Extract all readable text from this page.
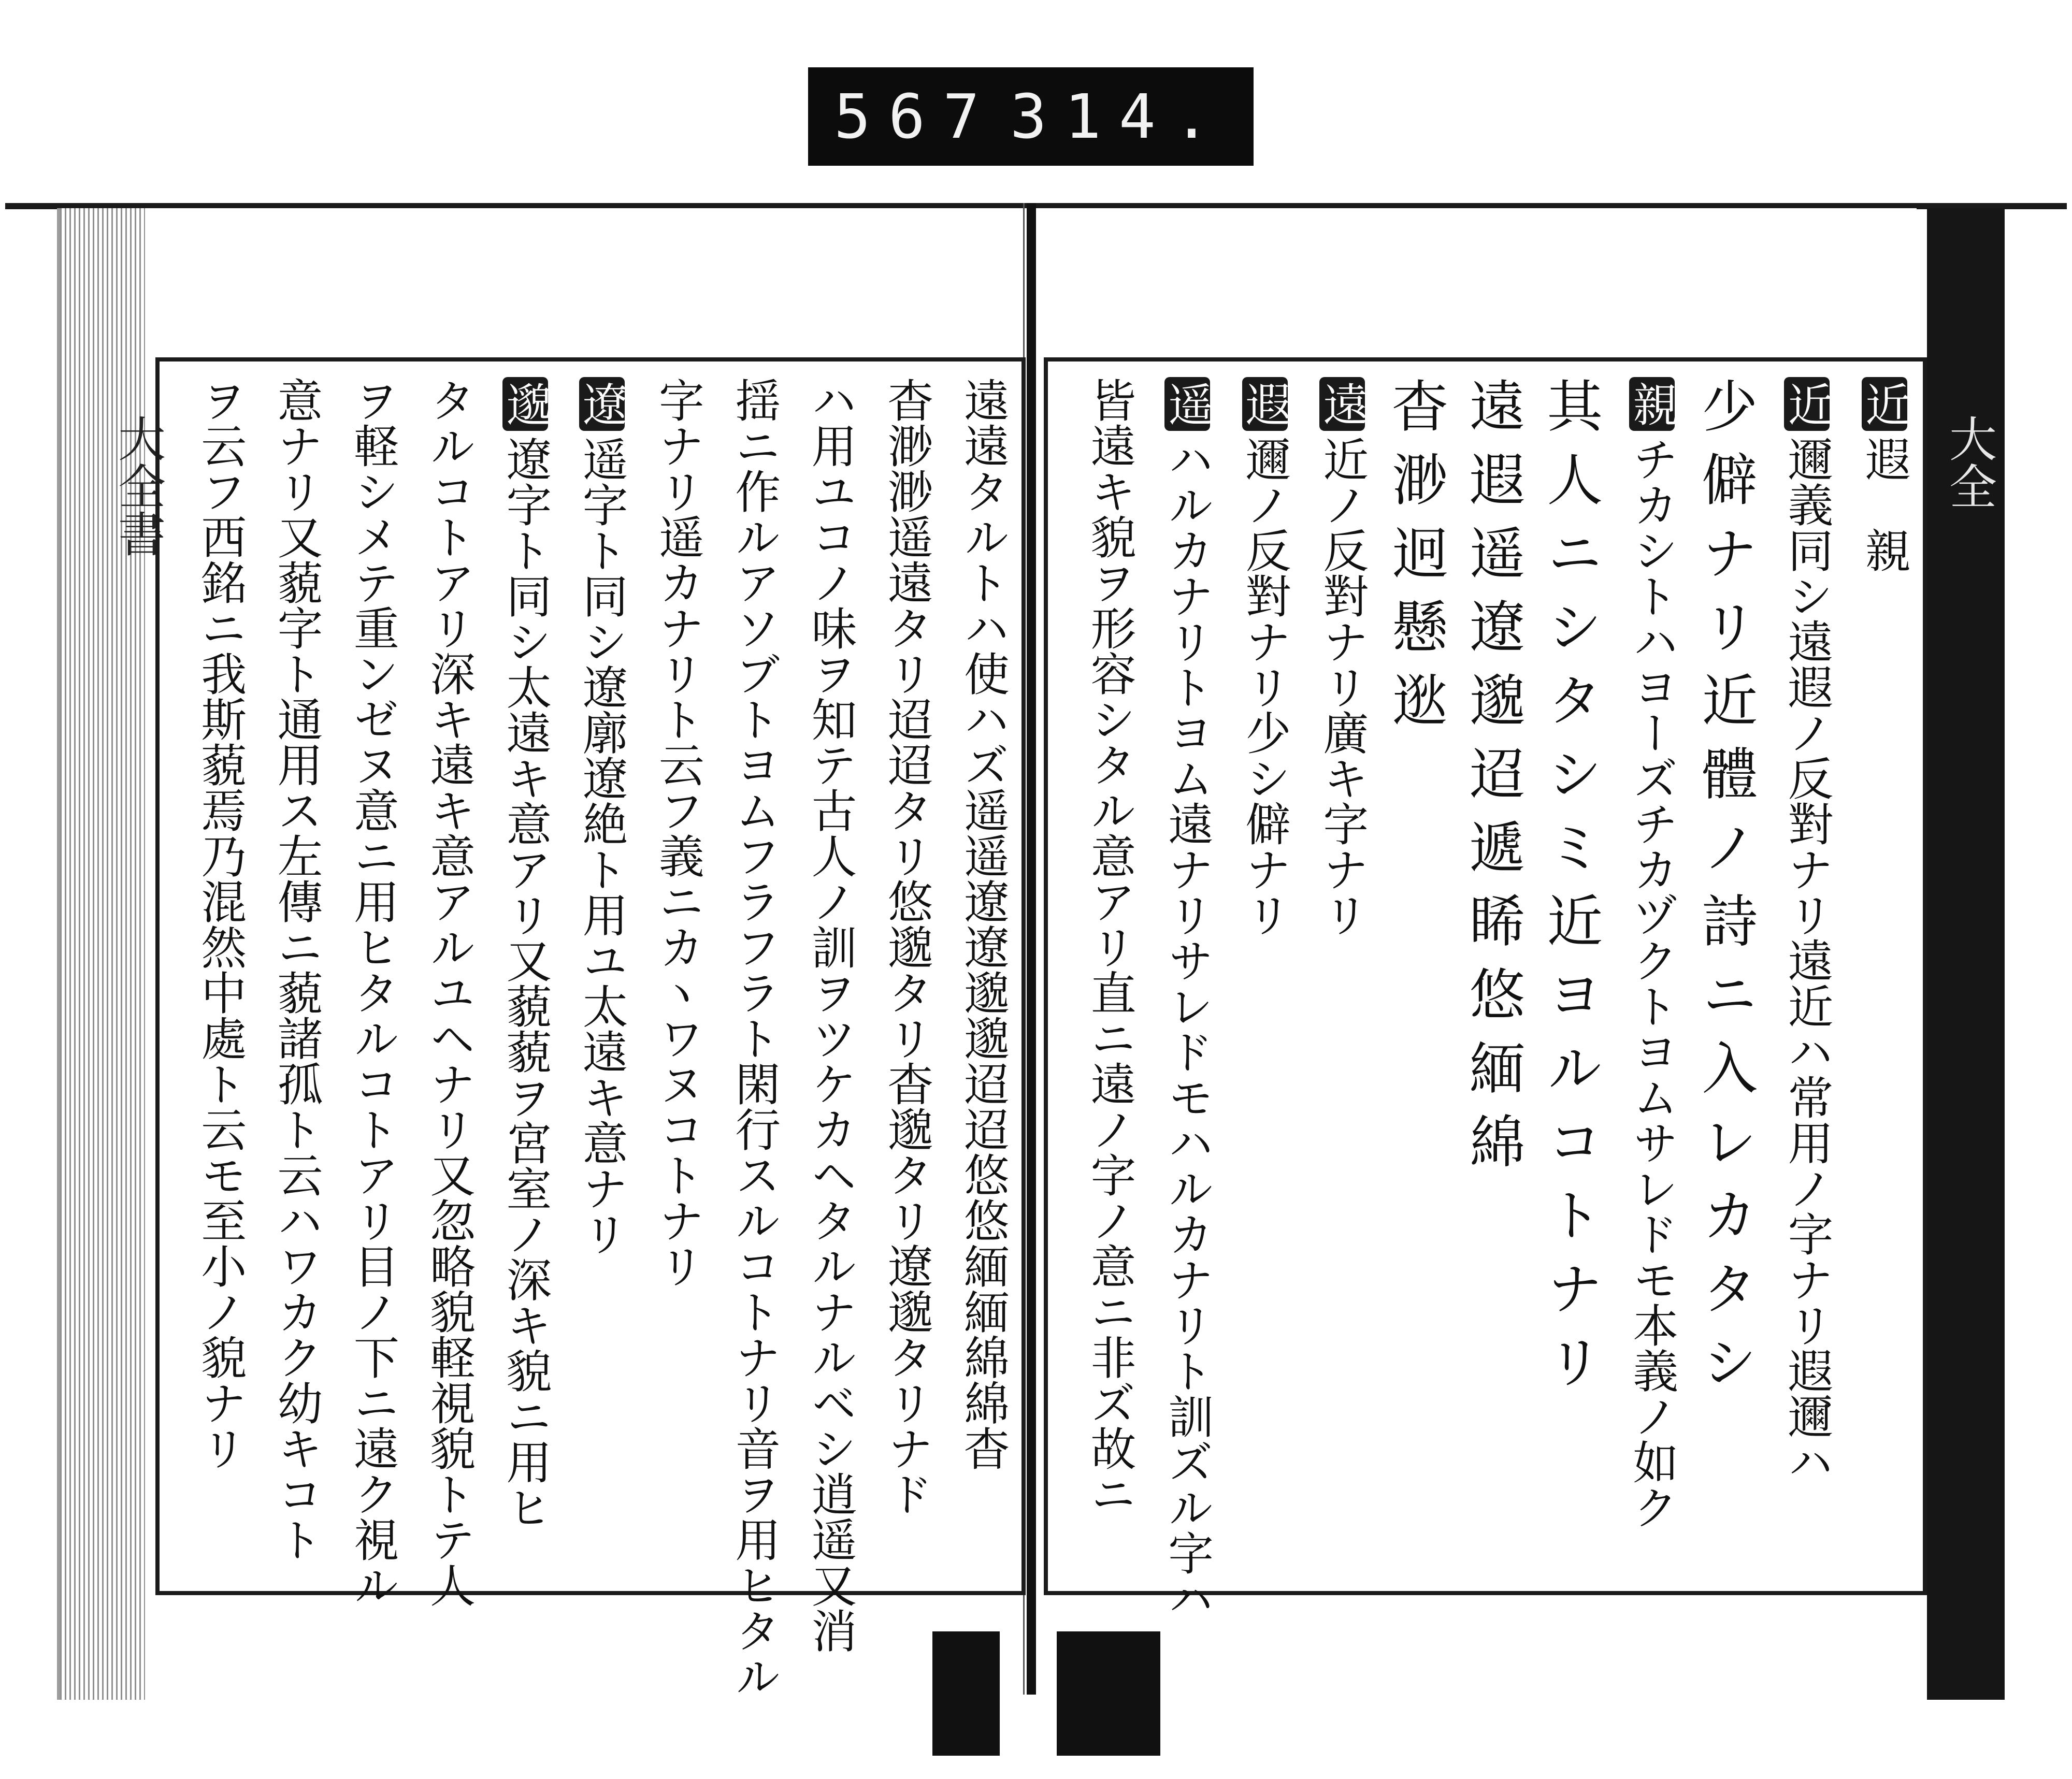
567 314.
大全書	大全
近遐　親
近邇義同シ遠遐ノ反對ナリ遠近ハ常用ノ字ナリ遐邇ハ
少僻ナリ近體ノ詩ニ入レカタシ
親チカシトハヨーズチカヅクトヨムサレドモ本義ノ如ク
其人ニシタシミ近ヨルコトナリ
遠遐遥遼邈迢遞睎悠緬綿
杳渺迥懸逖
遠近ノ反對ナリ廣キ字ナリ
遐邇ノ反對ナリ少シ僻ナリ
遥ハルカナリトヨム遠ナリサレドモハルカナリト訓ズル字ハ
皆遠キ貌ヲ形容シタル意アリ直ニ遠ノ字ノ意ニ非ズ故ニ
遠遠タルトハ使ハズ遥遥遼遼邈邈迢迢悠悠緬緬綿綿杳
杳渺渺遥遠タリ迢迢タリ悠邈タリ杳邈タリ遼邈タリナド
ハ用ユコノ味ヲ知テ古人ノ訓ヲツケカヘタルナルベシ逍遥又消
揺ニ作ルアソブトヨムフラフラト閑行スルコトナリ音ヲ用ヒタル
字ナリ遥カナリト云フ義ニカヽワヌコトナリ
遼遥字ト同シ遼廓遼絶ト用ユ太遠キ意ナリ
邈遼字ト同シ太遠キ意アリ又藐藐ヲ宮室ノ深キ貌ニ用ヒ
タルコトアリ深キ遠キ意アルユヘナリ又忽略貌軽視貌トテ人
ヲ軽シメテ重ンゼヌ意ニ用ヒタルコトアリ目ノ下ニ遠ク視ル
意ナリ又藐字ト通用ス左傳ニ藐諸孤ト云ハワカク幼キコト
ヲ云フ西銘ニ我斯藐焉乃混然中處ト云モ至小ノ貌ナリ
